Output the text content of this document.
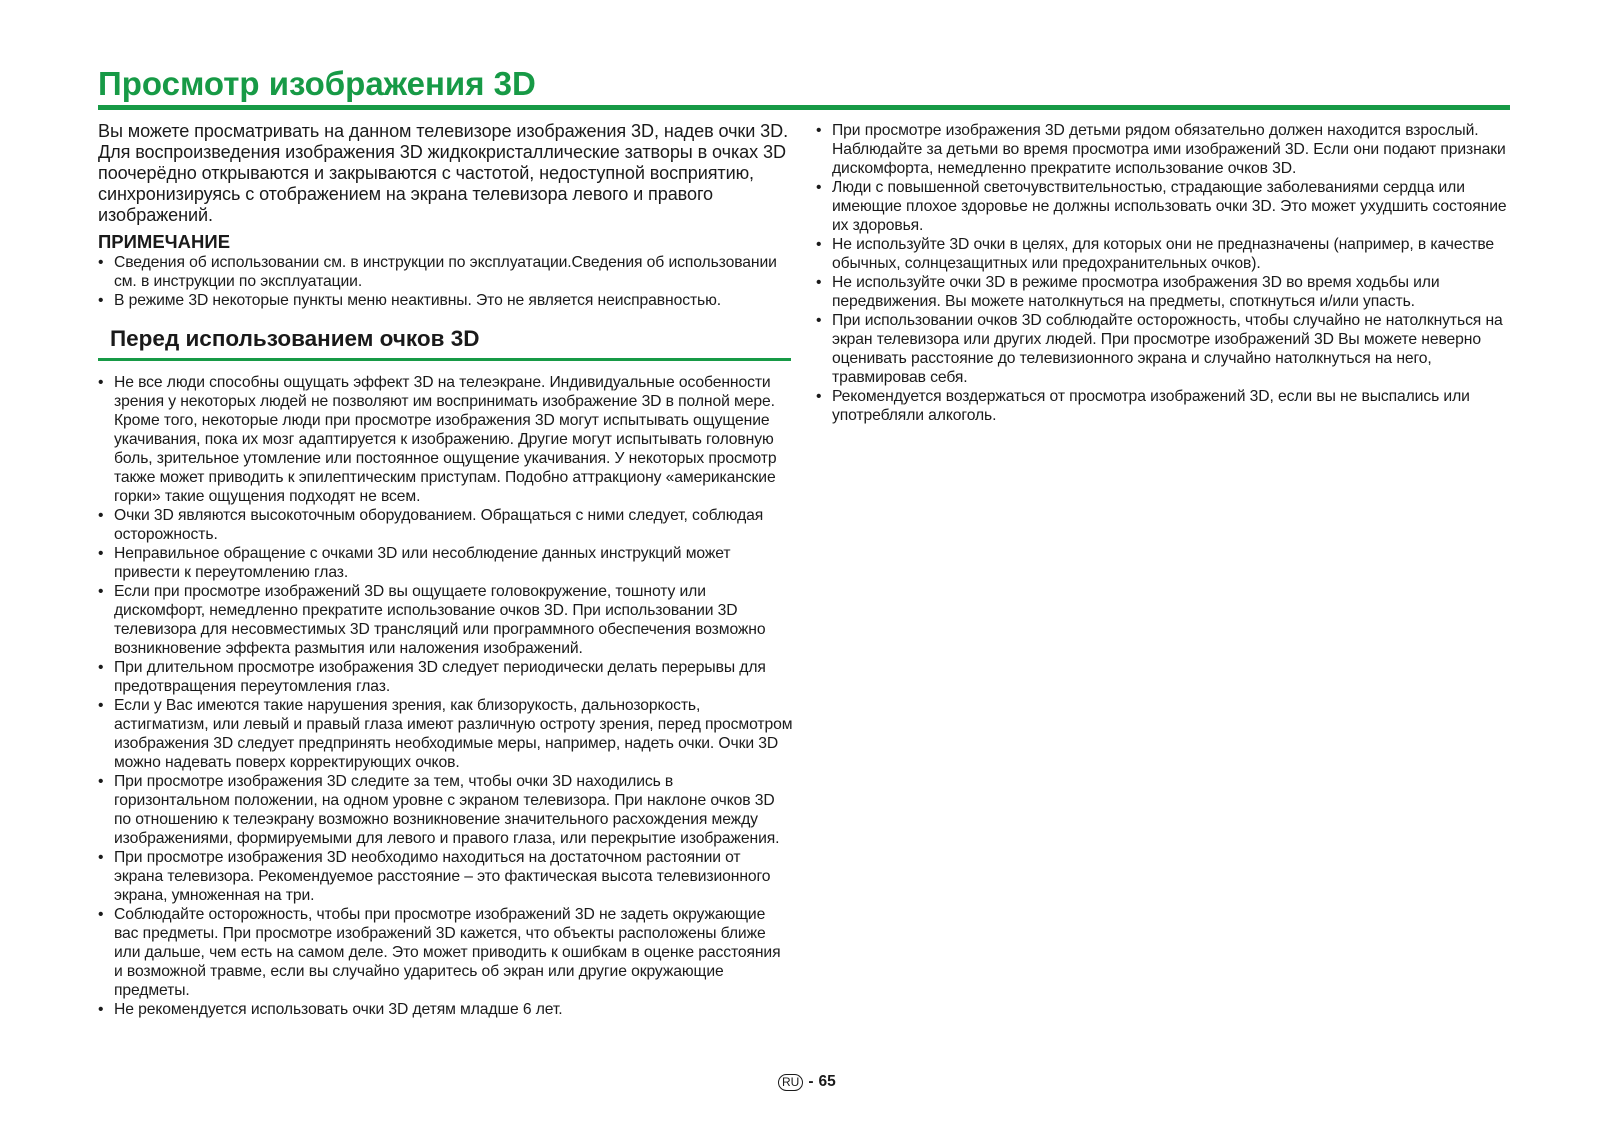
Просмотр изображения 3D

Вы можете просматривать на данном телевизоре изображения 3D, надев очки 3D.

Для воспроизведения изображения 3D жидкокристаллические затворы в очках 3D поочерёдно открываются и закрываются с частотой, недоступной восприятию, синхронизируясь с отображением на экрана телевизора левого и правого изображений.

ПРИМЕЧАНИЕ
• Сведения об использовании см. в инструкции по эксплуатации.Сведения об использовании см. в инструкции по эксплуатации.
• В режиме 3D некоторые пункты меню неактивны. Это не является неисправностью.
Перед использованием очков 3D
• Не все люди способны ощущать эффект 3D на телеэкране. Индивидуальные особенности зрения у некоторых людей не позволяют им воспринимать изображение 3D в полной мере. Кроме того, некоторые люди при просмотре изображения 3D могут испытывать ощущение укачивания, пока их мозг адаптируется к изображению. Другие могут испытывать головную боль, зрительное утомление или постоянное ощущение укачивания. У некоторых просмотр также может приводить к эпилептическим приступам. Подобно аттракциону «американские горки» такие ощущения подходят не всем.
• Очки 3D являются высокоточным оборудованием. Обращаться с ними следует, соблюдая осторожность.
• Неправильное обращение с очками 3D или несоблюдение данных инструкций может привести к переутомлению глаз.
• Если при просмотре изображений 3D вы ощущаете головокружение, тошноту или дискомфорт, немедленно прекратите использование очков 3D. При использовании 3D телевизора для несовместимых 3D трансляций или программного обеспечения возможно возникновение эффекта размытия или наложения изображений.
• При длительном просмотре изображения 3D следует периодически делать перерывы для предотвращения переутомления глаз.
• Если у Вас имеются такие нарушения зрения, как близорукость, дальнозоркость, астигматизм, или левый и правый глаза имеют различную остроту зрения, перед просмотром изображения 3D следует предпринять необходимые меры, например, надеть очки. Очки 3D можно надевать поверх корректирующих очков.
• При просмотре изображения 3D следите за тем, чтобы очки 3D находились в горизонтальном положении, на одном уровне с экраном телевизора. При наклоне очков 3D по отношению к телеэкрану возможно возникновение значительного расхождения между изображениями, формируемыми для левого и правого глаза, или перекрытие изображения.
• При просмотре изображения 3D необходимо находиться на достаточном растоянии от экрана телевизора. Рекомендуемое расстояние – это фактическая высота телевизионного экрана, умноженная на три.
• Соблюдайте осторожность, чтобы при просмотре изображений 3D не задеть окружающие вас предметы. При просмотре изображений 3D кажется, что объекты расположены ближе или дальше, чем есть на самом деле. Это может приводить к ошибкам в оценке расстояния и возможной травме, если вы случайно ударитесь об экран или другие окружающие предметы.
• Не рекомендуется использовать очки 3D детям младше 6 лет.
• При просмотре изображения 3D детьми рядом обязательно должен находится взрослый. Наблюдайте за детьми во время просмотра ими изображений 3D. Если они подают признаки дискомфорта, немедленно прекратите использование очков 3D.
• Люди с повышенной светочувствительностью, страдающие заболеваниями сердца или имеющие плохое здоровье не должны использовать очки 3D. Это может ухудшить состояние их здоровья.
• Не используйте 3D очки в целях, для которых они не предназначены (например, в качестве обычных, солнцезащитных или предохранительных очков).
• Не используйте очки 3D в режиме просмотра изображения 3D во время ходьбы или передвижения. Вы можете натолкнуться на предметы, споткнуться и/или упасть.
• При использовании очков 3D соблюдайте осторожность, чтобы случайно не натолкнуться на экран телевизора или других людей. При просмотре изображений 3D Вы можете неверно оценивать расстояние до телевизионного экрана и случайно натолкнуться на него, травмировав себя.
• Рекомендуется воздержаться от просмотра изображений 3D, если вы не выспались или употребляли алкоголь.
RU - 65
